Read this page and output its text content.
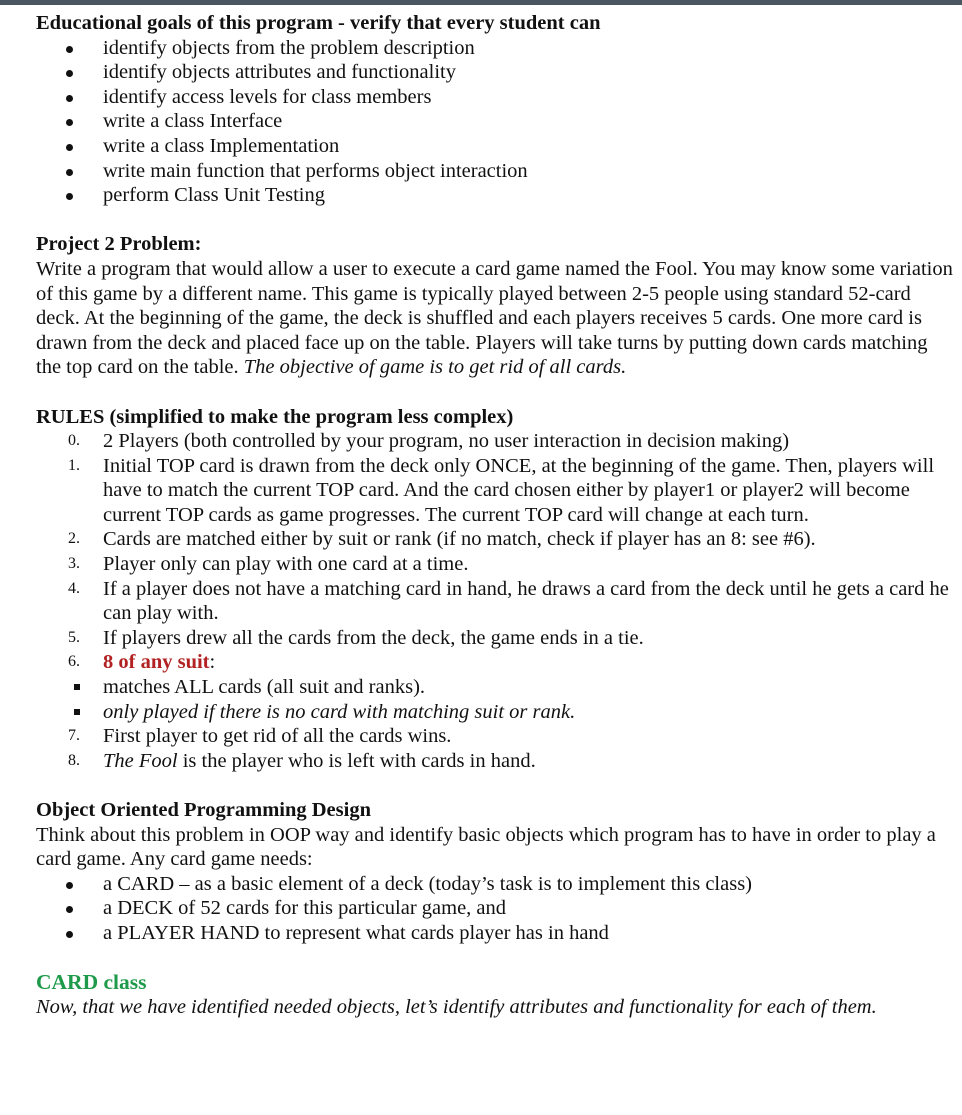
Educational goals of this program - verify that every student can
identify objects from the problem description
identify objects attributes and functionality
identify access levels for class members
write a class Interface
write a class Implementation
write main function that performs object interaction
perform Class Unit Testing
Project 2 Problem:

Write a program that would allow a user to execute a card game named the Fool. You may know some variation of this game by a different name. This game is typically played between 2-5 people using standard 52-card deck. At the beginning of the game, the deck is shuffled and each players receives 5 cards. One more card is drawn from the deck and placed face up on the table. Players will take turns by putting down cards matching the top card on the table. The objective of game is to get rid of all cards.

RULES (simplified to make the program less complex)
0. 2 Players (both controlled by your program, no user interaction in decision making)
1. Initial TOP card is drawn from the deck only ONCE, at the beginning of the game. Then, players will have to match the current TOP card. And the card chosen either by player1 or player2 will become current TOP cards as game progresses. The current TOP card will change at each turn.
2. Cards are matched either by suit or rank (if no match, check if player has an 8: see #6).
3. Player only can play with one card at a time.
4. If a player does not have a matching card in hand, he draws a card from the deck until he gets a card he can play with.
5. If players drew all the cards from the deck, the game ends in a tie.
6. 8 of any suit:
matches ALL cards (all suit and ranks).
only played if there is no card with matching suit or rank.
7. First player to get rid of all the cards wins.
8. The Fool is the player who is left with cards in hand.
Object Oriented Programming Design

Think about this problem in OOP way and identify basic objects which program has to have in order to play a card game. Any card game needs:

a CARD – as a basic element of a deck (today’s task is to implement this class)
a DECK of 52 cards for this particular game, and
a PLAYER HAND to represent what cards player has in hand
CARD class

Now, that we have identified needed objects, let’s identify attributes and functionality for each of them.
